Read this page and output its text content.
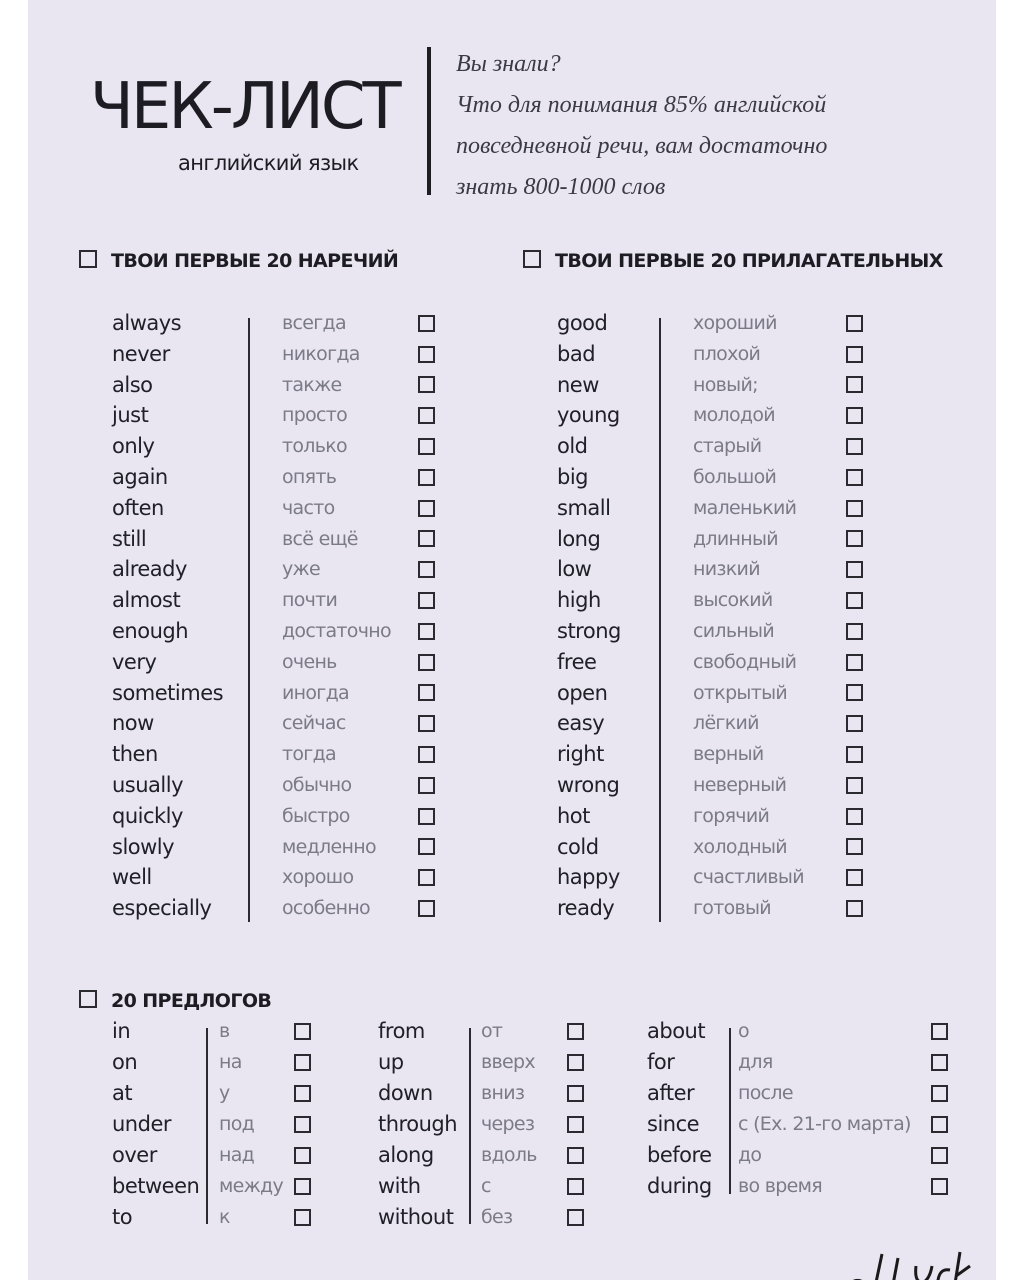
ЧЕК-ЛИСТ
английский язык
Вы знали?
Что для понимания 85% английской
повседневной речи, вам достаточно
знать 800-1000 слов
ТВОИ ПЕРВЫЕ 20 НАРЕЧИЙ	ТВОИ ПЕРВЫЕ 20 ПРИЛАГАТЕЛЬНЫХ
20 ПРЕДЛОГОВ
always
never
also
just
only
again
often
still
already
almost
enough
very
sometimes
now
then
usually
quickly
slowly
well
especially
всегда
никогда
также
просто
только
опять
часто
всё ещё
уже
почти
достаточно
очень
иногда
сейчас
тогда
обычно
быстро
медленно
хорошо
особенно
good
bad
new
young
old
big
small
long
low
high
strong
free
open
easy
right
wrong
hot
cold
happy
ready
хороший
плохой
новый;
молодой
старый
большой
маленький
длинный
низкий
высокий
сильный
свободный
открытый
лёгкий
верный
неверный
горячий
холодный
счастливый
готовый
in
on
at
under
over
between
to
в
на
у
под
над
между
к
from
up
down
through
along
with
without
от
вверх
вниз
через
вдоль
с
без
about
for
after
since
before
during
о
для
после
с (Ex. 21-го марта)
до
во время
